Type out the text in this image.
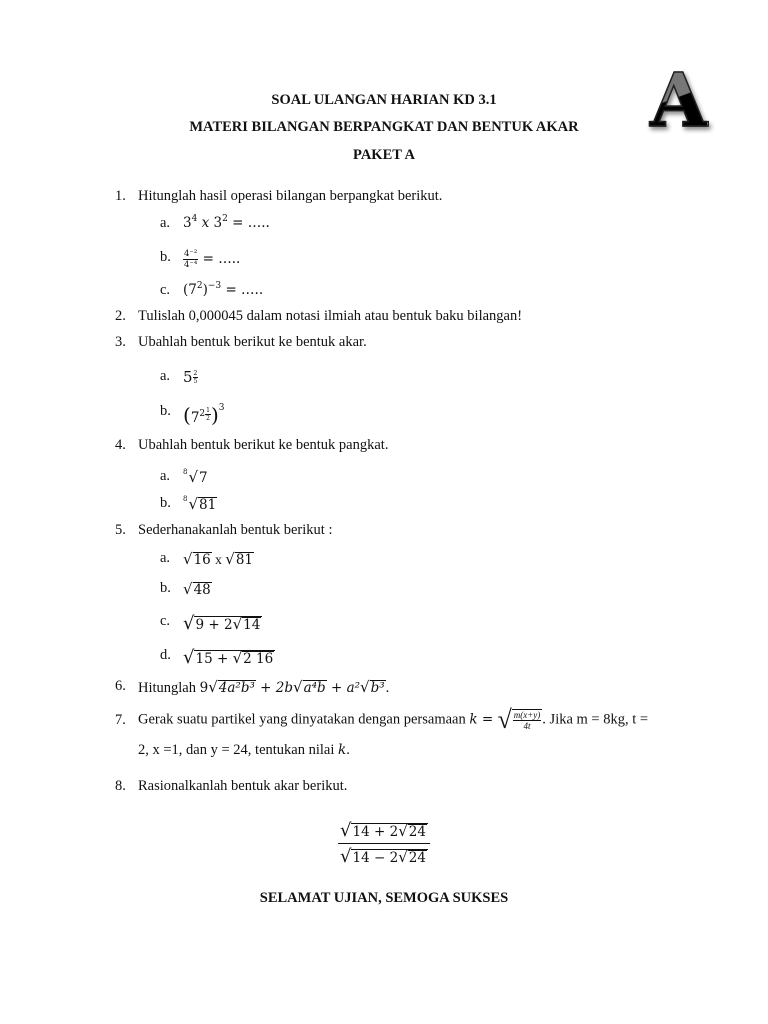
A
SOAL ULANGAN HARIAN KD 3.1
MATERI BILANGAN BERPANGKAT DAN BENTUK AKAR
PAKET A
1. Hitunglah hasil operasi bilangan berpangkat berikut.
a. $3^4$ x $3^2$ = …..
b. $\frac{\text{4⁻²}}{\text{4⁻⁴}}$ = …..
c. $(7^2)^{-3}$ = …..
2. Tulislah 0,000045 dalam notasi ilmiah atau bentuk baku bilangan!
3. Ubahlah bentuk berikut ke bentuk akar.
a. $5 \frac{2}{5}$
b. $(7^2 \frac{1}{2} )^3$
4. Ubahlah bentuk berikut ke bentuk pangkat.
a. $^8$√7
b. $^8$√81
5. Sederhanakanlah bentuk berikut :
a. √16 x √81
b. √48
c. √9 + 2√14
d. √15 + √2 16
6. Hitunglah 9√4a²b³ + 2b√a⁴b + a²√b³.
7. Gerak suatu partikel yang dinyatakan dengan persamaan k = √ $\frac{m(x+y)}{4t}$ . Jika m = 8kg, t =
2, x =1, dan y = 24, tentukan nilai k.
8. Rasionalkanlah bentuk akar berikut.
$\frac{√14 + 2√24}{√14 - 2√24}$
SELAMAT UJIAN, SEMOGA SUKSES
